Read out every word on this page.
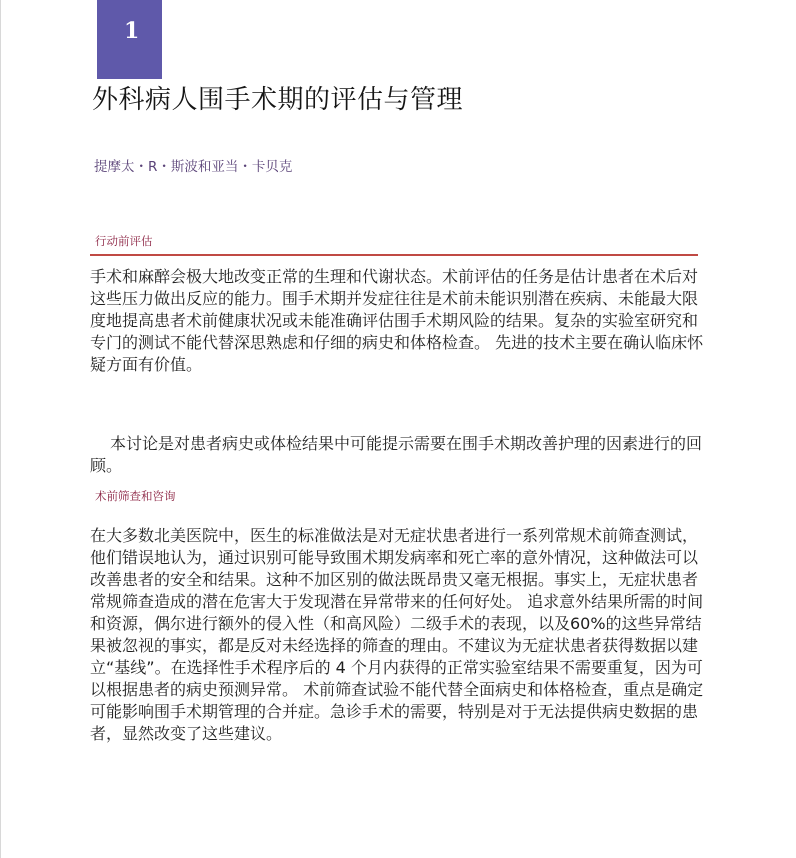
1
外科病人围手术期的评估与管理
提摩太・R・斯波和亚当・卡贝克
行动前评估

手术和麻醉会极大地改变正常的生理和代谢状态。术前评估的任务是估计患者在术后对这些压力做出反应的能力。围手术期并发症往往是术前未能识别潜在疾病、未能最大限度地提高患者术前健康状况或未能准确评估围手术期风险的结果。复杂的实验室研究和专门的测试不能代替深思熟虑和仔细的病史和体格检查。 先进的技术主要在确认临床怀疑方面有价值。

本讨论是对患者病史或体检结果中可能提示需要在围手术期改善护理的因素进行的回顾。

术前筛查和咨询

在大多数北美医院中，医生的标准做法是对无症状患者进行一系列常规术前筛查测试，他们错误地认为，通过识别可能导致围术期发病率和死亡率的意外情况，这种做法可以改善患者的安全和结果。这种不加区别的做法既昂贵又毫无根据。事实上，无症状患者常规筛查造成的潜在危害大于发现潜在异常带来的任何好处。 追求意外结果所需的时间和资源，偶尔进行额外的侵入性（和高风险）二级手术的表现，以及60%的这些异常结果被忽视的事实，都是反对未经选择的筛查的理由。不建议为无症状患者获得数据以建立“基线”。在选择性手术程序后的 4 个月内获得的正常实验室结果不需要重复，因为可以根据患者的病史预测异常。 术前筛查试验不能代替全面病史和体格检查，重点是确定可能影响围手术期管理的合并症。急诊手术的需要，特别是对于无法提供病史数据的患者，显然改变了这些建议。
